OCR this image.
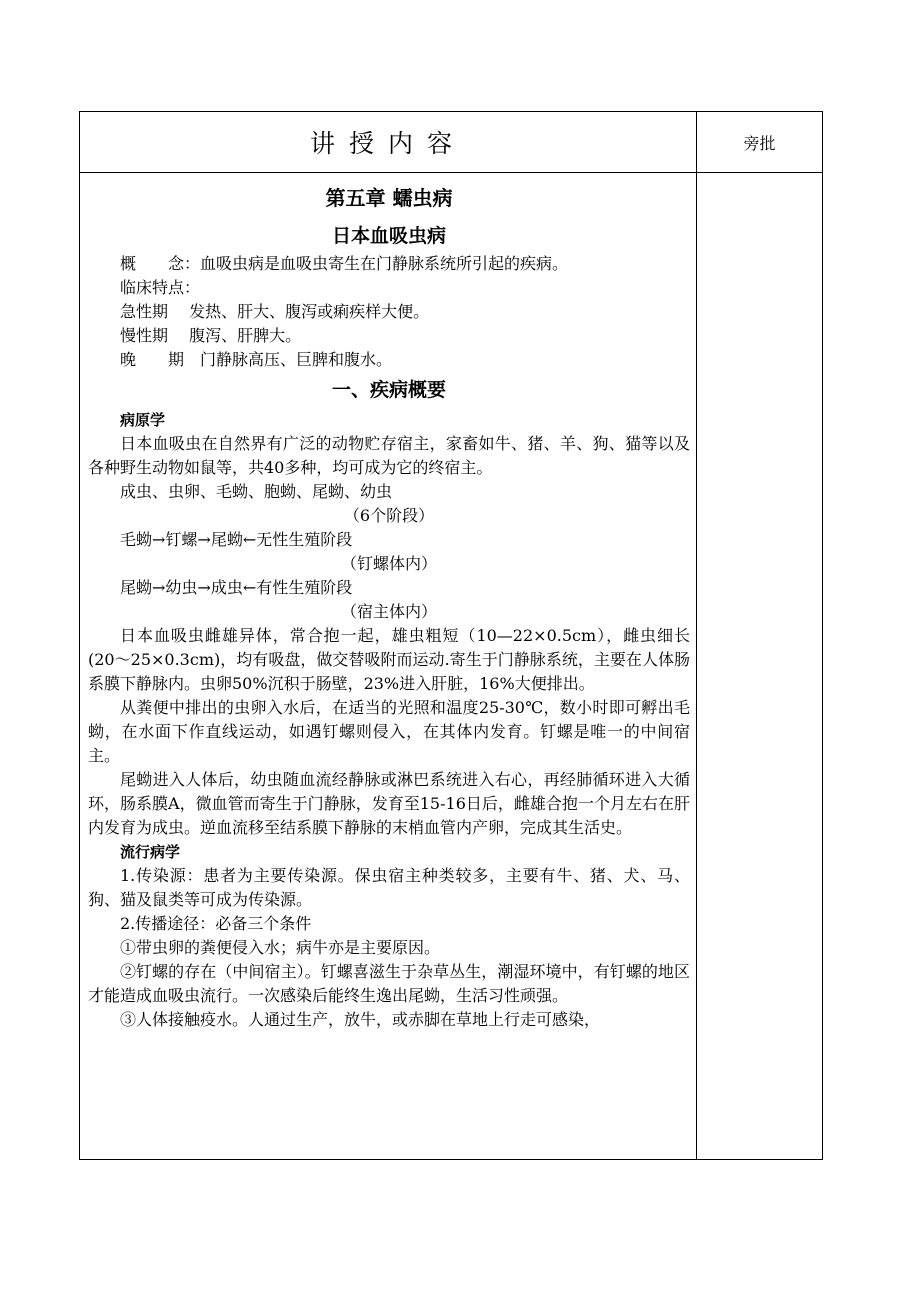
讲授内容	旁批

第五章 蠕虫病

日本血吸虫病

概　　念：血吸虫病是血吸虫寄生在门静脉系统所引起的疾病。

临床特点：

急性期　 发热、肝大、腹泻或痢疾样大便。

慢性期　 腹泻、肝脾大。

晚　　期　门静脉高压、巨脾和腹水。

一、疾病概要

病原学

日本血吸虫在自然界有广泛的动物贮存宿主，家畜如牛、猪、羊、狗、猫等以及各种野生动物如鼠等，共40多种，均可成为它的终宿主。

成虫、虫卵、毛蚴、胞蚴、尾蚴、幼虫

（6个阶段）

毛蚴→钉螺→尾蚴←无性生殖阶段

（钉螺体内）

尾蚴→幼虫→成虫←有性生殖阶段

（宿主体内）

日本血吸虫雌雄异体，常合抱一起，雄虫粗短（10—22×0.5cm），雌虫细长(20～25×0.3cm)，均有吸盘，做交替吸附而运动.寄生于门静脉系统，主要在人体肠系膜下静脉内。虫卵50%沉积于肠壁，23%进入肝脏，16%大便排出。

从粪便中排出的虫卵入水后，在适当的光照和温度25-30℃，数小时即可孵出毛蚴，在水面下作直线运动，如遇钉螺则侵入，在其体内发育。钉螺是唯一的中间宿主。

尾蚴进入人体后，幼虫随血流经静脉或淋巴系统进入右心，再经肺循环进入大循环，肠系膜A，微血管而寄生于门静脉，发育至15-16日后，雌雄合抱一个月左右在肝内发育为成虫。逆血流移至结系膜下静脉的末梢血管内产卵，完成其生活史。

流行病学

1.传染源：患者为主要传染源。保虫宿主种类较多，主要有牛、猪、犬、马、狗、猫及鼠类等可成为传染源。

2.传播途径：必备三个条件

①带虫卵的粪便侵入水；病牛亦是主要原因。

②钉螺的存在（中间宿主）。钉螺喜滋生于杂草丛生，潮湿环境中，有钉螺的地区才能造成血吸虫流行。一次感染后能终生逸出尾蚴，生活习性顽强。

③人体接触疫水。人通过生产，放牛，或赤脚在草地上行走可感染，
